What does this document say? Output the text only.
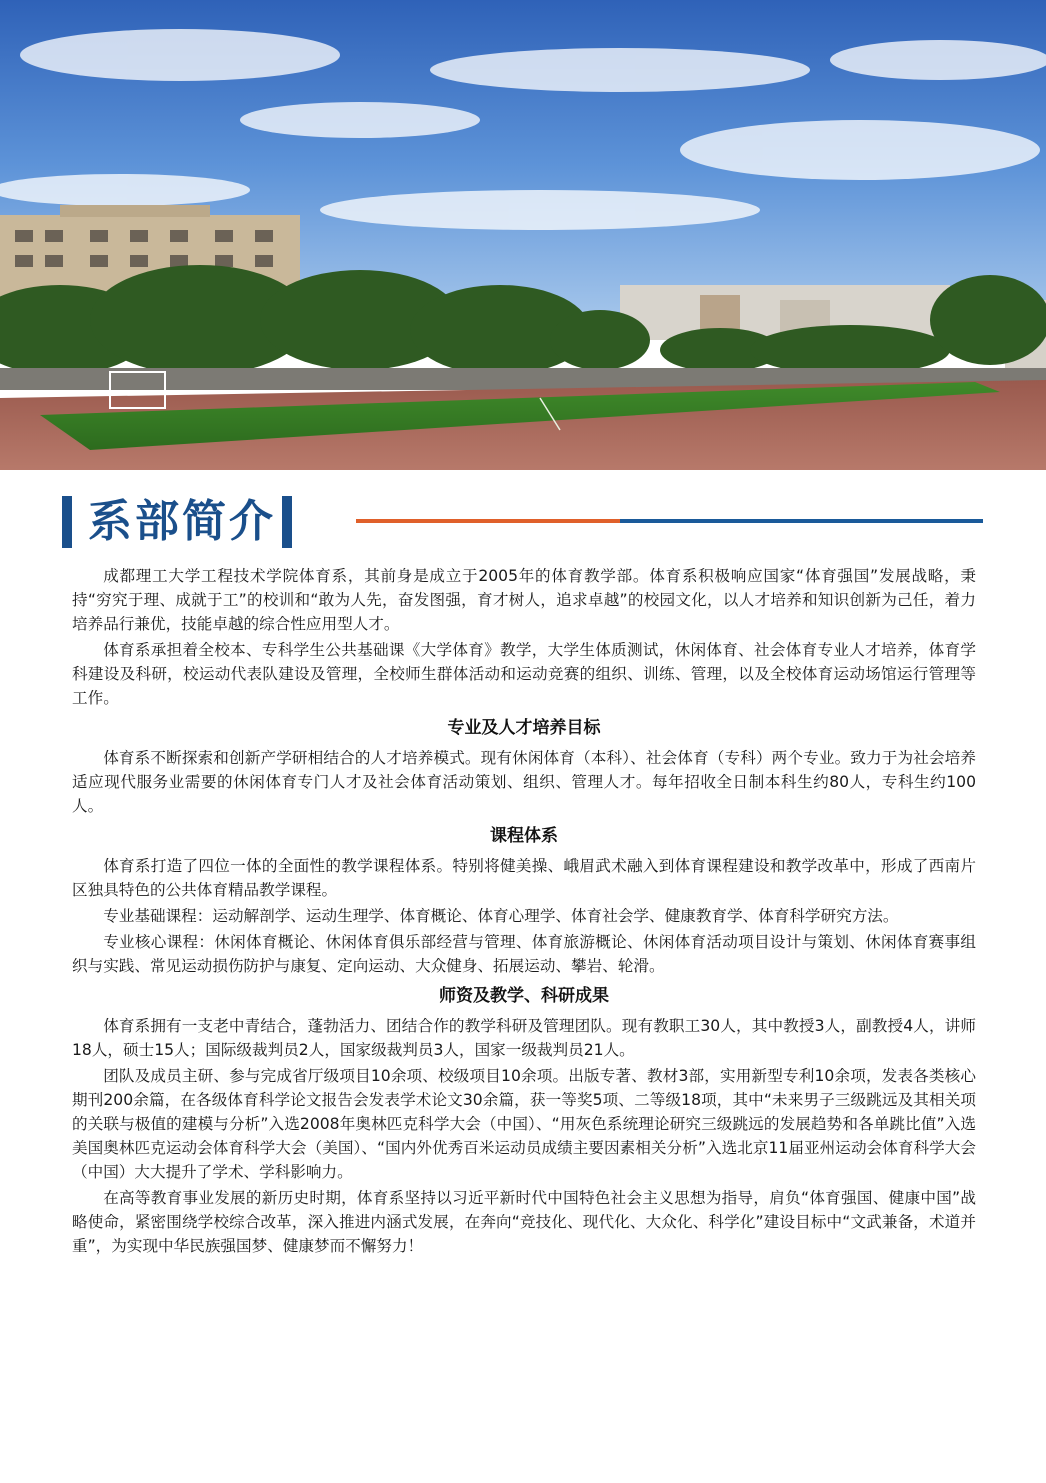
系部简介

成都理工大学工程技术学院体育系，其前身是成立于2005年的体育教学部。体育系积极响应国家“体育强国”发展战略，秉持“穷究于理、成就于工”的校训和“敢为人先，奋发图强，育才树人，追求卓越”的校园文化，以人才培养和知识创新为己任，着力培养品行兼优，技能卓越的综合性应用型人才。

体育系承担着全校本、专科学生公共基础课《大学体育》教学，大学生体质测试，休闲体育、社会体育专业人才培养，体育学科建设及科研，校运动代表队建设及管理，全校师生群体活动和运动竞赛的组织、训练、管理，以及全校体育运动场馆运行管理等工作。

专业及人才培养目标

体育系不断探索和创新产学研相结合的人才培养模式。现有休闲体育（本科）、社会体育（专科）两个专业。致力于为社会培养适应现代服务业需要的休闲体育专门人才及社会体育活动策划、组织、管理人才。每年招收全日制本科生约80人，专科生约100人。

课程体系

体育系打造了四位一体的全面性的教学课程体系。特别将健美操、峨眉武术融入到体育课程建设和教学改革中，形成了西南片区独具特色的公共体育精品教学课程。

专业基础课程：运动解剖学、运动生理学、体育概论、体育心理学、体育社会学、健康教育学、体育科学研究方法。

专业核心课程：休闲体育概论、休闲体育俱乐部经营与管理、体育旅游概论、休闲体育活动项目设计与策划、休闲体育赛事组织与实践、常见运动损伤防护与康复、定向运动、大众健身、拓展运动、攀岩、轮滑。

师资及教学、科研成果

体育系拥有一支老中青结合，蓬勃活力、团结合作的教学科研及管理团队。现有教职工30人，其中教授3人，副教授4人，讲师18人，硕士15人；国际级裁判员2人，国家级裁判员3人，国家一级裁判员21人。

团队及成员主研、参与完成省厅级项目10余项、校级项目10余项。出版专著、教材3部，实用新型专利10余项，发表各类核心期刊200余篇，在各级体育科学论文报告会发表学术论文30余篇，获一等奖5项、二等级18项，其中“未来男子三级跳远及其相关项的关联与极值的建模与分析”入选2008年奥林匹克科学大会（中国）、“用灰色系统理论研究三级跳远的发展趋势和各单跳比值”入选美国奥林匹克运动会体育科学大会（美国）、“国内外优秀百米运动员成绩主要因素相关分析”入选北京11届亚州运动会体育科学大会（中国）大大提升了学术、学科影响力。

在高等教育事业发展的新历史时期，体育系坚持以习近平新时代中国特色社会主义思想为指导，肩负“体育强国、健康中国”战略使命，紧密围绕学校综合改革，深入推进内涵式发展，在奔向“竞技化、现代化、大众化、科学化”建设目标中“文武兼备，术道并重”，为实现中华民族强国梦、健康梦而不懈努力！
